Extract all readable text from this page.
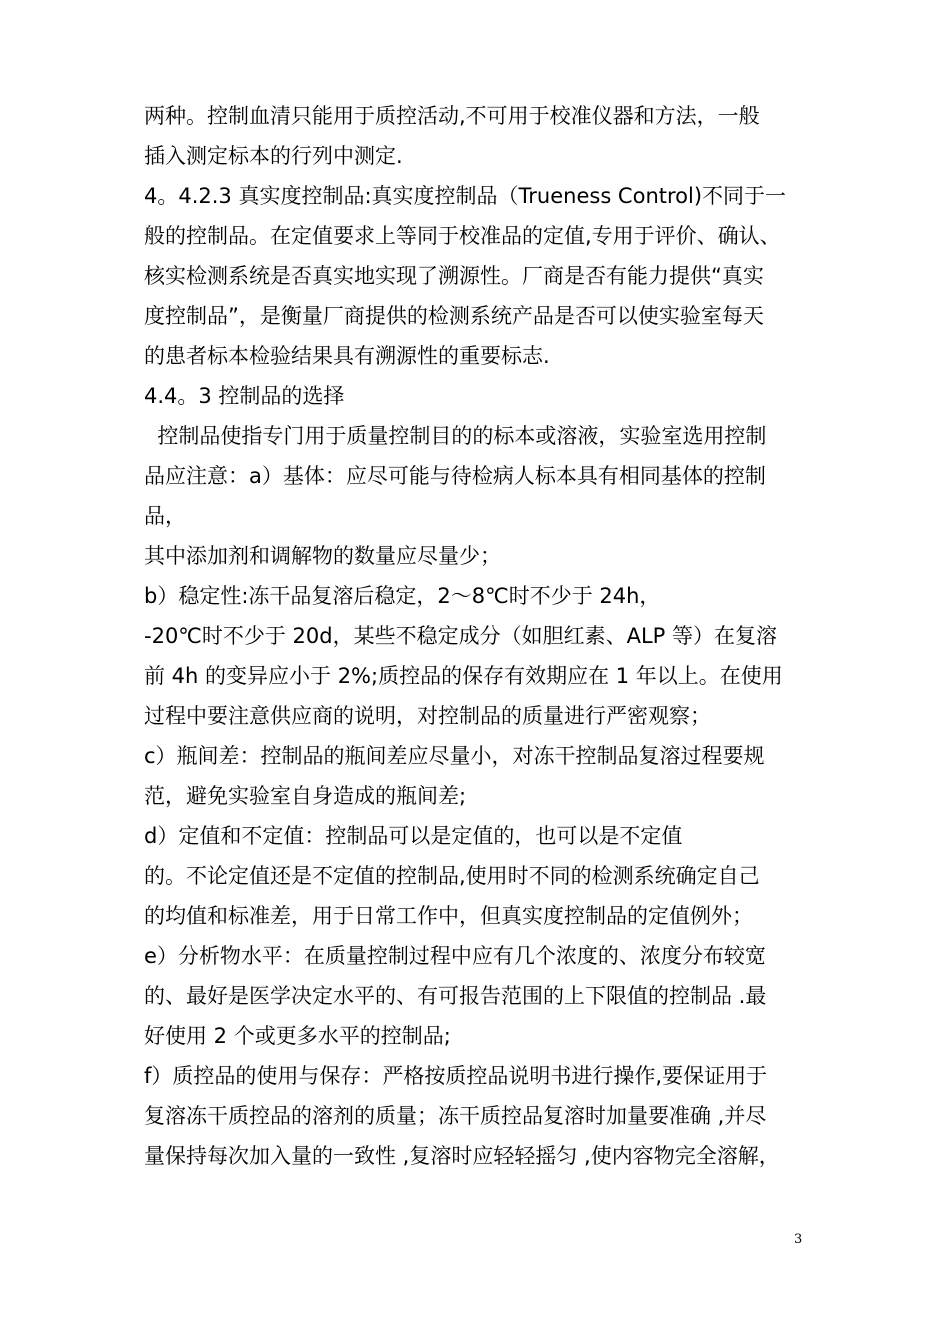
两种。控制血清只能用于质控活动,不可用于校准仪器和方法，一般
插入测定标本的行列中测定.
4。4.2.3 真实度控制品:真实度控制品（Trueness Control)不同于一
般的控制品。在定值要求上等同于校准品的定值,专用于评价、确认、
核实检测系统是否真实地实现了溯源性。厂商是否有能力提供“真实
度控制品”，是衡量厂商提供的检测系统产品是否可以使实验室每天
的患者标本检验结果具有溯源性的重要标志.
4.4。3 控制品的选择
控制品使指专门用于质量控制目的的标本或溶液，实验室选用控制
品应注意：a）基体：应尽可能与待检病人标本具有相同基体的控制
品，
其中添加剂和调解物的数量应尽量少；
b）稳定性:冻干品复溶后稳定，2～8℃时不少于 24h，
-20℃时不少于 20d，某些不稳定成分（如胆红素、ALP 等）在复溶
前 4h 的变异应小于 2%;质控品的保存有效期应在 1 年以上。在使用
过程中要注意供应商的说明，对控制品的质量进行严密观察；
c）瓶间差：控制品的瓶间差应尽量小，对冻干控制品复溶过程要规
范，避免实验室自身造成的瓶间差;
d）定值和不定值：控制品可以是定值的，也可以是不定值
的。不论定值还是不定值的控制品,使用时不同的检测系统确定自己
的均值和标准差，用于日常工作中，但真实度控制品的定值例外；
e）分析物水平：在质量控制过程中应有几个浓度的、浓度分布较宽
的、最好是医学决定水平的、有可报告范围的上下限值的控制品 .最
好使用 2 个或更多水平的控制品;
f）质控品的使用与保存：严格按质控品说明书进行操作,要保证用于
复溶冻干质控品的溶剂的质量；冻干质控品复溶时加量要准确 ,并尽
量保持每次加入量的一致性 ,复溶时应轻轻摇匀 ,使内容物完全溶解，
3
